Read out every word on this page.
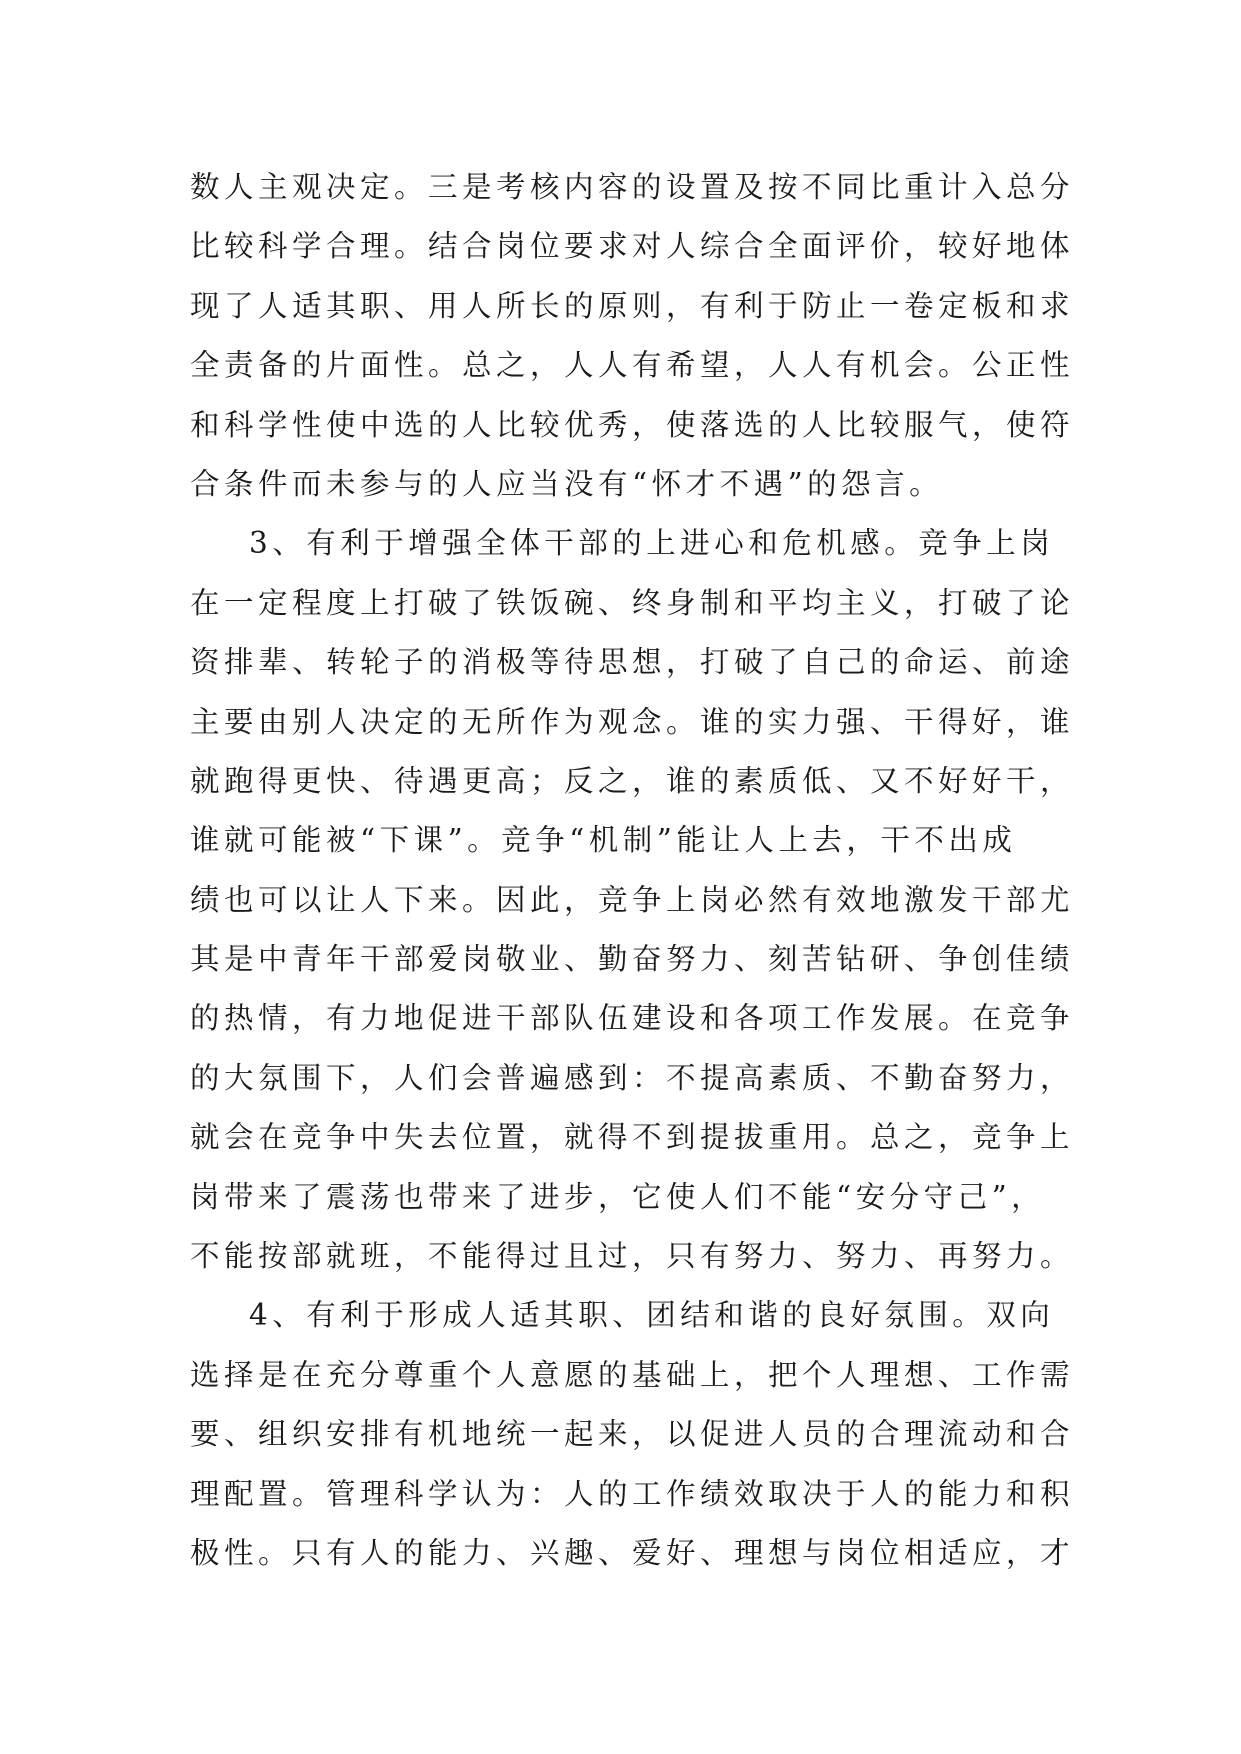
数人主观决定。三是考核内容的设置及按不同比重计入总分
比较科学合理。结合岗位要求对人综合全面评价，较好地体
现了人适其职、用人所长的原则，有利于防止一卷定板和求
全责备的片面性。总之，人人有希望，人人有机会。公正性
和科学性使中选的人比较优秀，使落选的人比较服气，使符
合条件而未参与的人应当没有“怀才不遇”的怨言。
3、有利于增强全体干部的上进心和危机感。竞争上岗
在一定程度上打破了铁饭碗、终身制和平均主义，打破了论
资排辈、转轮子的消极等待思想，打破了自己的命运、前途
主要由别人决定的无所作为观念。谁的实力强、干得好，谁
就跑得更快、待遇更高；反之，谁的素质低、又不好好干，
谁就可能被“下课”。竞争“机制”能让人上去，干不出成
绩也可以让人下来。因此，竞争上岗必然有效地激发干部尤
其是中青年干部爱岗敬业、勤奋努力、刻苦钻研、争创佳绩
的热情，有力地促进干部队伍建设和各项工作发展。在竞争
的大氛围下，人们会普遍感到：不提高素质、不勤奋努力，
就会在竞争中失去位置，就得不到提拔重用。总之，竞争上
岗带来了震荡也带来了进步，它使人们不能“安分守己”，
不能按部就班，不能得过且过，只有努力、努力、再努力。
4、有利于形成人适其职、团结和谐的良好氛围。双向
选择是在充分尊重个人意愿的基础上，把个人理想、工作需
要、组织安排有机地统一起来，以促进人员的合理流动和合
理配置。管理科学认为：人的工作绩效取决于人的能力和积
极性。只有人的能力、兴趣、爱好、理想与岗位相适应，才
